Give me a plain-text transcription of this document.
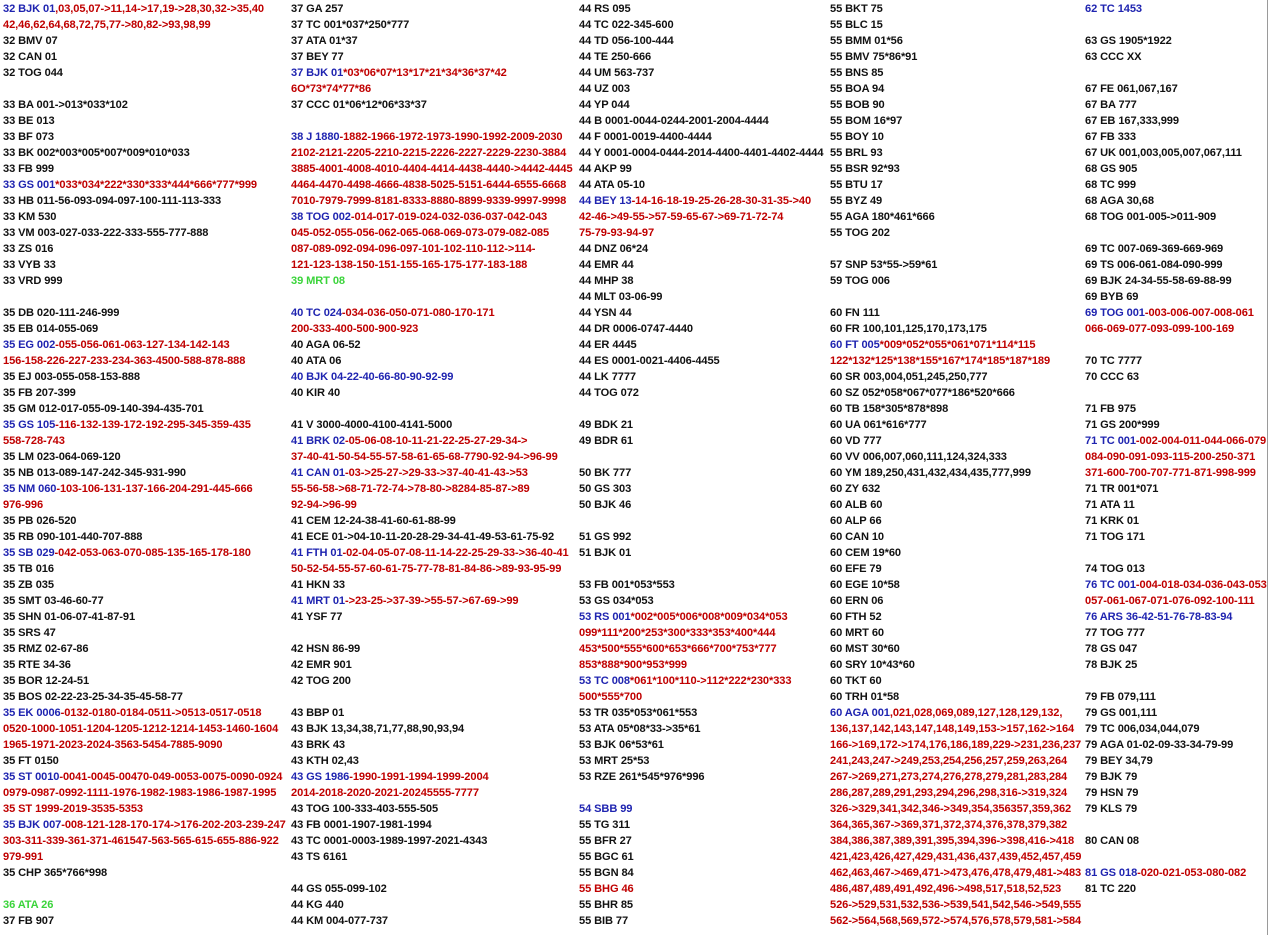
32 BJK 01,03,05,07->11,14->17,19->28,30,32->35,40
42,46,62,64,68,72,75,77->80,82->93,98,99
32 BMV 07
32 CAN 01
32 TOG 044
33 BA 001->013*033*102
33 BE 013
33 BF 073
33 BK 002*003*005*007*009*010*033
33 FB 999
33 GS 001*033*034*222*330*333*444*666*777*999
33 HB 011-56-093-094-097-100-111-113-333
33 KM 530
33 VM 003-027-033-222-333-555-777-888
33 ZS 016
33 VYB 33
33 VRD 999
35 DB 020-111-246-999
35 EB 014-055-069
35 EG 002-055-056-061-063-127-134-142-143
156-158-226-227-233-234-363-4500-588-878-888
35 EJ 003-055-058-153-888
35 FB 207-399
35 GM 012-017-055-09-140-394-435-701
35 GS 105-116-132-139-172-192-295-345-359-435
558-728-743
35 LM 023-064-069-120
35 NB 013-089-147-242-345-931-990
35 NM 060-103-106-131-137-166-204-291-445-666
976-996
35 PB 026-520
35 RB 090-101-440-707-888
35 SB 029-042-053-063-070-085-135-165-178-180
35 TB 016
35 ZB 035
35 SMT 03-46-60-77
35 SHN 01-06-07-41-87-91
35 SRS 47
35 RMZ 02-67-86
35 RTE 34-36
35 BOR 12-24-51
35 BOS 02-22-23-25-34-35-45-58-77
35 EK 0006-0132-0180-0184-0511->0513-0517-0518
0520-1000-1051-1204-1205-1212-1214-1453-1460-1604
1965-1971-2023-2024-3563-5454-7885-9090
35 FT 0150
35 ST 0010-0041-0045-00470-049-0053-0075-0090-0924
0979-0987-0992-1111-1976-1982-1983-1986-1987-1995
35 ST 1999-2019-3535-5353
35 BJK 007-008-121-128-170-174->176-202-203-239-247
303-311-339-361-371-461547-563-565-615-655-886-922
979-991
35 CHP 365*766*998
36 ATA 26
37 FB 907
37 GA 257
37 TC 001*037*250*777
37 ATA 01*37
37 BEY 77
37 BJK 01*03*06*07*13*17*21*34*36*37*42
6O*73*74*77*86
37 CCC 01*06*12*06*33*37
38 J 1880-1882-1966-1972-1973-1990-1992-2009-2030
2102-2121-2205-2210-2215-2226-2227-2229-2230-3884
3885-4001-4008-4010-4404-4414-4438-4440->4442-4445
4464-4470-4498-4666-4838-5025-5151-6444-6555-6668
7010-7979-7999-8181-8333-8880-8899-9339-9997-9998
38 TOG 002-014-017-019-024-032-036-037-042-043
045-052-055-056-062-065-068-069-073-079-082-085
087-089-092-094-096-097-101-102-110-112->114-
121-123-138-150-151-155-165-175-177-183-188
39 MRT 08
40 TC 024-034-036-050-071-080-170-171
200-333-400-500-900-923
40 AGA 06-52
40 ATA 06
40 BJK 04-22-40-66-80-90-92-99
40 KIR 40
41 V 3000-4000-4100-4141-5000
41 BRK 02-05-06-08-10-11-21-22-25-27-29-34->
37-40-41-50-54-55-57-58-61-65-68-7790-92-94->96-99
41 CAN 01-03->25-27->29-33->37-40-41-43->53
55-56-58->68-71-72-74->78-80->8284-85-87->89
92-94->96-99
41 CEM 12-24-38-41-60-61-88-99
41 ECE 01->04-10-11-20-28-29-34-41-49-53-61-75-92
41 FTH 01-02-04-05-07-08-11-14-22-25-29-33->36-40-41
50-52-54-55-57-60-61-75-77-78-81-84-86->89-93-95-99
41 HKN 33
41 MRT 01->23-25->37-39->55-57->67-69->99
41 YSF 77
42 HSN 86-99
42 EMR 901
42 TOG 200
43 BBP 01
43 BJK 13,34,38,71,77,88,90,93,94
43 BRK 43
43 KTH 02,43
43 GS 1986-1990-1991-1994-1999-2004
2014-2018-2020-2021-20245555-7777
43 TOG 100-333-403-555-505
43 FB 0001-1907-1981-1994
43 TC 0001-0003-1989-1997-2021-4343
43 TS 6161
44 GS 055-099-102
44 KG 440
44 KM 004-077-737
44 RS 095
44 TC 022-345-600
44 TD 056-100-444
44 TE 250-666
44 UM 563-737
44 UZ 003
44 YP 044
44 B 0001-0044-0244-2001-2004-4444
44 F 0001-0019-4400-4444
44 Y 0001-0004-0444-2014-4400-4401-4402-4444
44 AKP 99
44 ATA 05-10
44 BEY 13-14-16-18-19-25-26-28-30-31-35->40
42-46->49-55->57-59-65-67->69-71-72-74
75-79-93-94-97
44 DNZ 06*24
44 EMR 44
44 MHP 38
44 MLT 03-06-99
44 YSN 44
44 DR 0006-0747-4440
44 ER 4445
44 ES 0001-0021-4406-4455
44 LK 7777
44 TOG 072
49 BDK 21
49 BDR 61
50 BK 777
50 GS 303
50 BJK 46
51 GS 992
51 BJK 01
53 FB 001*053*553
53 GS 034*053
53 RS 001*002*005*006*008*009*034*053
099*111*200*253*300*333*353*400*444
453*500*555*600*653*666*700*753*777
853*888*900*953*999
53 TC 008*061*100*110->112*222*230*333
500*555*700
53 TR 035*053*061*553
53 ATA 05*08*33->35*61
53 BJK 06*53*61
53 MRT 25*53
53 RZE 261*545*976*996
54 SBB 99
55 TG 311
55 BFR 27
55 BGC 61
55 BGN 84
55 BHG 46
55 BHR 85
55 BIB 77
55 BKT 75
55 BLC 15
55 BMM 01*56
55 BMV 75*86*91
55 BNS 85
55 BOA 94
55 BOB 90
55 BOM 16*97
55 BOY 10
55 BRL 93
55 BSR 92*93
55 BTU 17
55 BYZ 49
55 AGA 180*461*666
55 TOG 202
57 SNP 53*55->59*61
59 TOG 006
60 FN 111
60 FR 100,101,125,170,173,175
60 FT 005*009*052*055*061*071*114*115
122*132*125*138*155*167*174*185*187*189
60 SR 003,004,051,245,250,777
60 SZ 052*058*067*077*186*520*666
60 TB 158*305*878*898
60 UA 061*616*777
60 VD 777
60 VV 006,007,060,111,124,324,333
60 YM 189,250,431,432,434,435,777,999
60 ZY 632
60 ALB 60
60 ALP 66
60 CAN 10
60 CEM 19*60
60 EFE 79
60 EGE 10*58
60 ERN 06
60 FTH 52
60 MRT 60
60 MST 30*60
60 SRY 10*43*60
60 TKT 60
60 TRH 01*58
60 AGA 001,021,028,069,089,127,128,129,132,
136,137,142,143,147,148,149,153->157,162->164
166->169,172->174,176,186,189,229->231,236,237
241,243,247->249,253,254,256,257,259,263,264
267->269,271,273,274,276,278,279,281,283,284
286,287,289,291,293,294,296,298,316->319,324
326->329,341,342,346->349,354,356357,359,362
364,365,367->369,371,372,374,376,378,379,382
384,386,387,389,391,395,394,396->398,416->418
421,423,426,427,429,431,436,437,439,452,457,459
462,463,467->469,471->473,476,478,479,481->483
486,487,489,491,492,496->498,517,518,52,523
526->529,531,532,536->539,541,542,546->549,555
562->564,568,569,572->574,576,578,579,581->584
62 TC 1453
63 GS 1905*1922
63 CCC XX
67 FE 061,067,167
67 BA 777
67 EB 167,333,999
67 FB 333
67 UK 001,003,005,007,067,111
68 GS 905
68 TC 999
68 AGA 30,68
68 TOG 001-005->011-909
69 TC 007-069-369-669-969
69 TS 006-061-084-090-999
69 BJK 24-34-55-58-69-88-99
69 BYB 69
69 TOG 001-003-006-007-008-061
066-069-077-093-099-100-169
70 TC 7777
70 CCC 63
71 FB 975
71 GS 200*999
71 TC 001-002-004-011-044-066-079
084-090-091-093-115-200-250-371
371-600-700-707-771-871-998-999
71 TR 001*071
71 ATA 11
71 KRK 01
71 TOG 171
74 TOG 013
76 TC 001-004-018-034-036-043-053
057-061-067-071-076-092-100-111
76 ARS 36-42-51-76-78-83-94
77 TOG 777
78 GS 047
78 BJK 25
79 FB 079,111
79 GS 001,111
79 TC 006,034,044,079
79 AGA 01-02-09-33-34-79-99
79 BEY 34,79
79 BJK 79
79 HSN 79
79 KLS 79
80 CAN 08
81 GS 018-020-021-053-080-082
81 TC 220
